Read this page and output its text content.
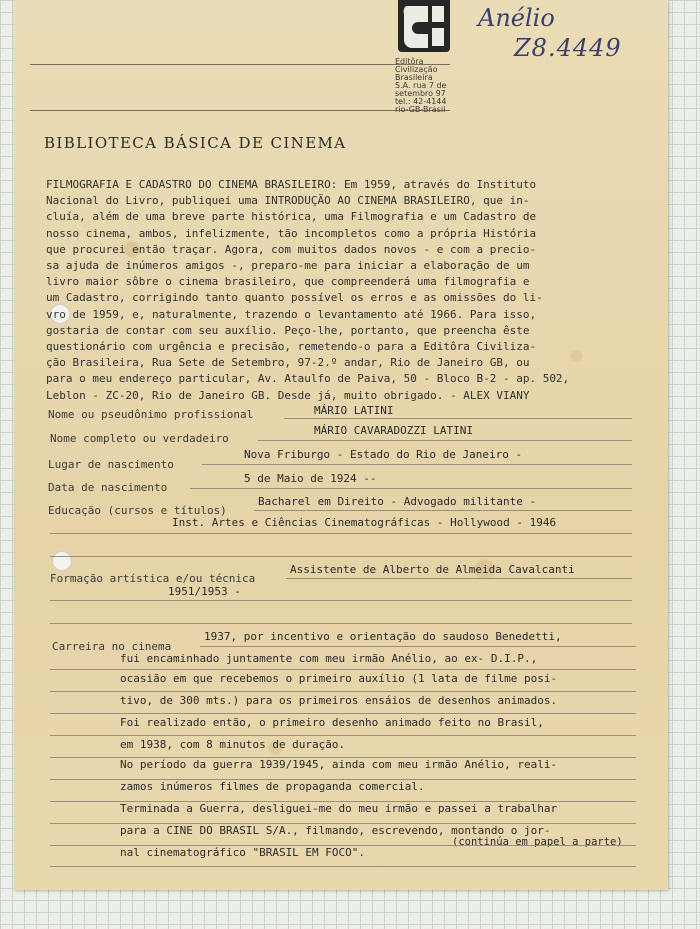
Editôra
Civilização
Brasileira
S.A. rua 7 de
setembro 97
tel.: 42-4144
rio-GB-Brasil
Anélio
Z8.4449
BIBLIOTECA BÁSICA DE CINEMA
FILMOGRAFIA E CADASTRO DO CINEMA BRASILEIRO: Em 1959, através do Instituto
Nacional do Livro, publiquei uma INTRODUÇÃO AO CINEMA BRASILEIRO, que in-
cluía, além de uma breve parte histórica, uma Filmografia e um Cadastro de
nosso cinema, ambos, infelizmente, tão incompletos como a própria História
que procurei então traçar. Agora, com muitos dados novos - e com a precio-
sa ajuda de inúmeros amigos -, preparo-me para iniciar a elaboração de um
livro maior sôbre o cinema brasileiro, que compreenderá uma filmografia e
um Cadastro, corrigindo tanto quanto possível os erros e as omissões do li-
vro de 1959, e, naturalmente, trazendo o levantamento até 1966. Para isso,
gostaria de contar com seu auxílio. Peço-lhe, portanto, que preencha êste
questionário com urgência e precisão, remetendo-o para a Editôra Civiliza-
ção Brasileira, Rua Sete de Setembro, 97-2.º andar, Rio de Janeiro GB, ou
para o meu endereço particular, Av. Ataulfo de Paiva, 50 - Bloco B-2 - ap. 502,
Leblon - ZC-20, Rio de Janeiro GB. Desde já, muito obrigado. - ALEX VIANY
Nome ou pseudônimo profissional	MÁRIO LATINI
Nome completo ou verdadeiro
MÁRIO CAVARADOZZI LATINI
Lugar de nascimento
Nova Friburgo - Estado do Rio de Janeiro -
Data de nascimento
5 de Maio de 1924 --
Educação (cursos e títulos)
Bacharel em Direito - Advogado militante -
Inst. Artes e Ciências Cinematográficas - Hollywood - 1946
Formação artística e/ou técnica
Assistente de Alberto de Almeida Cavalcanti
1951/1953 -
Carreira no cinema
1937, por incentivo e orientação do saudoso Benedetti,
fui encaminhado juntamente com meu irmão Anélio, ao ex- D.I.P.,
ocasião em que recebemos o primeiro auxílio (1 lata de filme posi-
tivo, de 300 mts.) para os primeiros ensáios de desenhos animados.
Foi realizado então, o primeiro desenho animado feito no Brasil,
em 1938, com 8 minutos de duração.
No período da guerra 1939/1945, ainda com meu irmão Anélio, reali-
zamos inúmeros filmes de propaganda comercial.
Terminada a Guerra, desliguei-me do meu irmão e passei a trabalhar
para a CINE DO BRASIL S/A., filmando, escrevendo, montando o jor-
nal cinematográfico "BRASIL EM FOCO".
(continúa em papel a parte)
